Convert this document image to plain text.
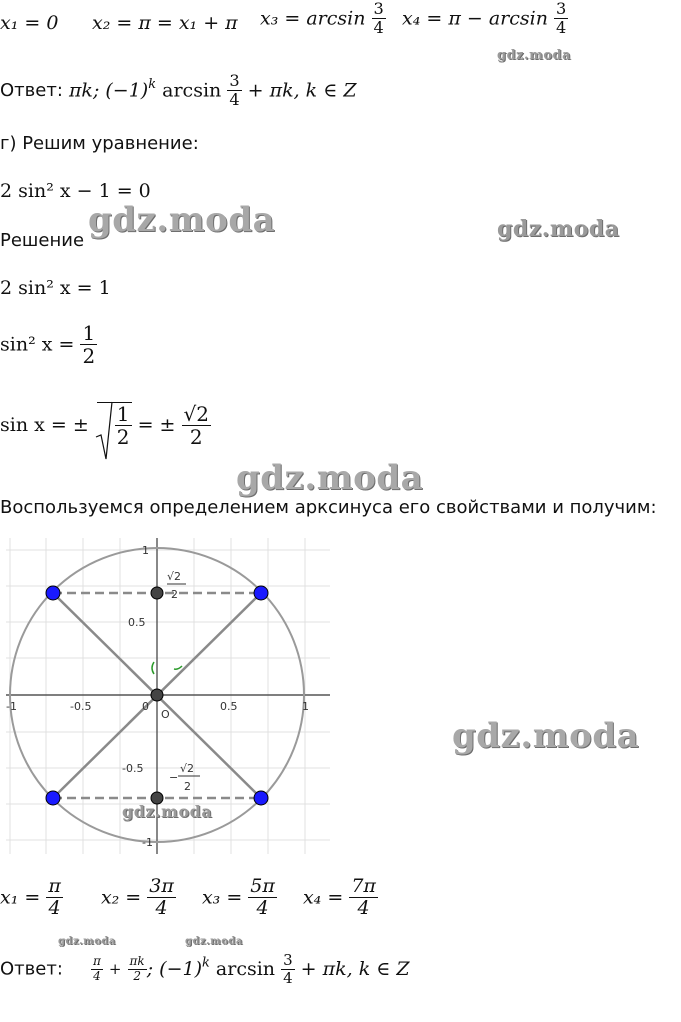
x₁ = 0 x₂ = π = x₁ + π $x_3 = \arcsin \frac{3}{4} x_4 = \pi - \arcsin \frac{3}{4}$
gdz.moda
Ответ: πk; $(-1)^k$ $\arcsin \frac{3}{4} + \pi k$, k ∈ Z
г) Решим уравнение:
2 sin² x − 1 = 0
Решение
gdz.moda	gdz.moda
2 sin² x = 1
sin² $x = \frac{1}{2}$
sin x = ± $\frac{1}{2}$ = ± $\frac{√2}{2}$
gdz.moda
Воспользуемся определением арксинуса его свойствами и получим:
-1	-0.5	0	0.5	1
1
0.5
-0.5
-1
O
√2
2
−
√2
2
gdz.moda
gdz.moda
$x_1 = \frac{\pi}{4} x_2 = \frac{3\pi}{4} x_3 = \frac{5\pi}{4} x_4 = \frac{7\pi}{4}$
gdz.moda	gdz.moda
Ответ: $\frac{\pi}{4} + \frac{\pi k}{2}$ ; $(-1)^k$ $\arcsin \frac{3}{4} + \pi k$, k ∈ Z
